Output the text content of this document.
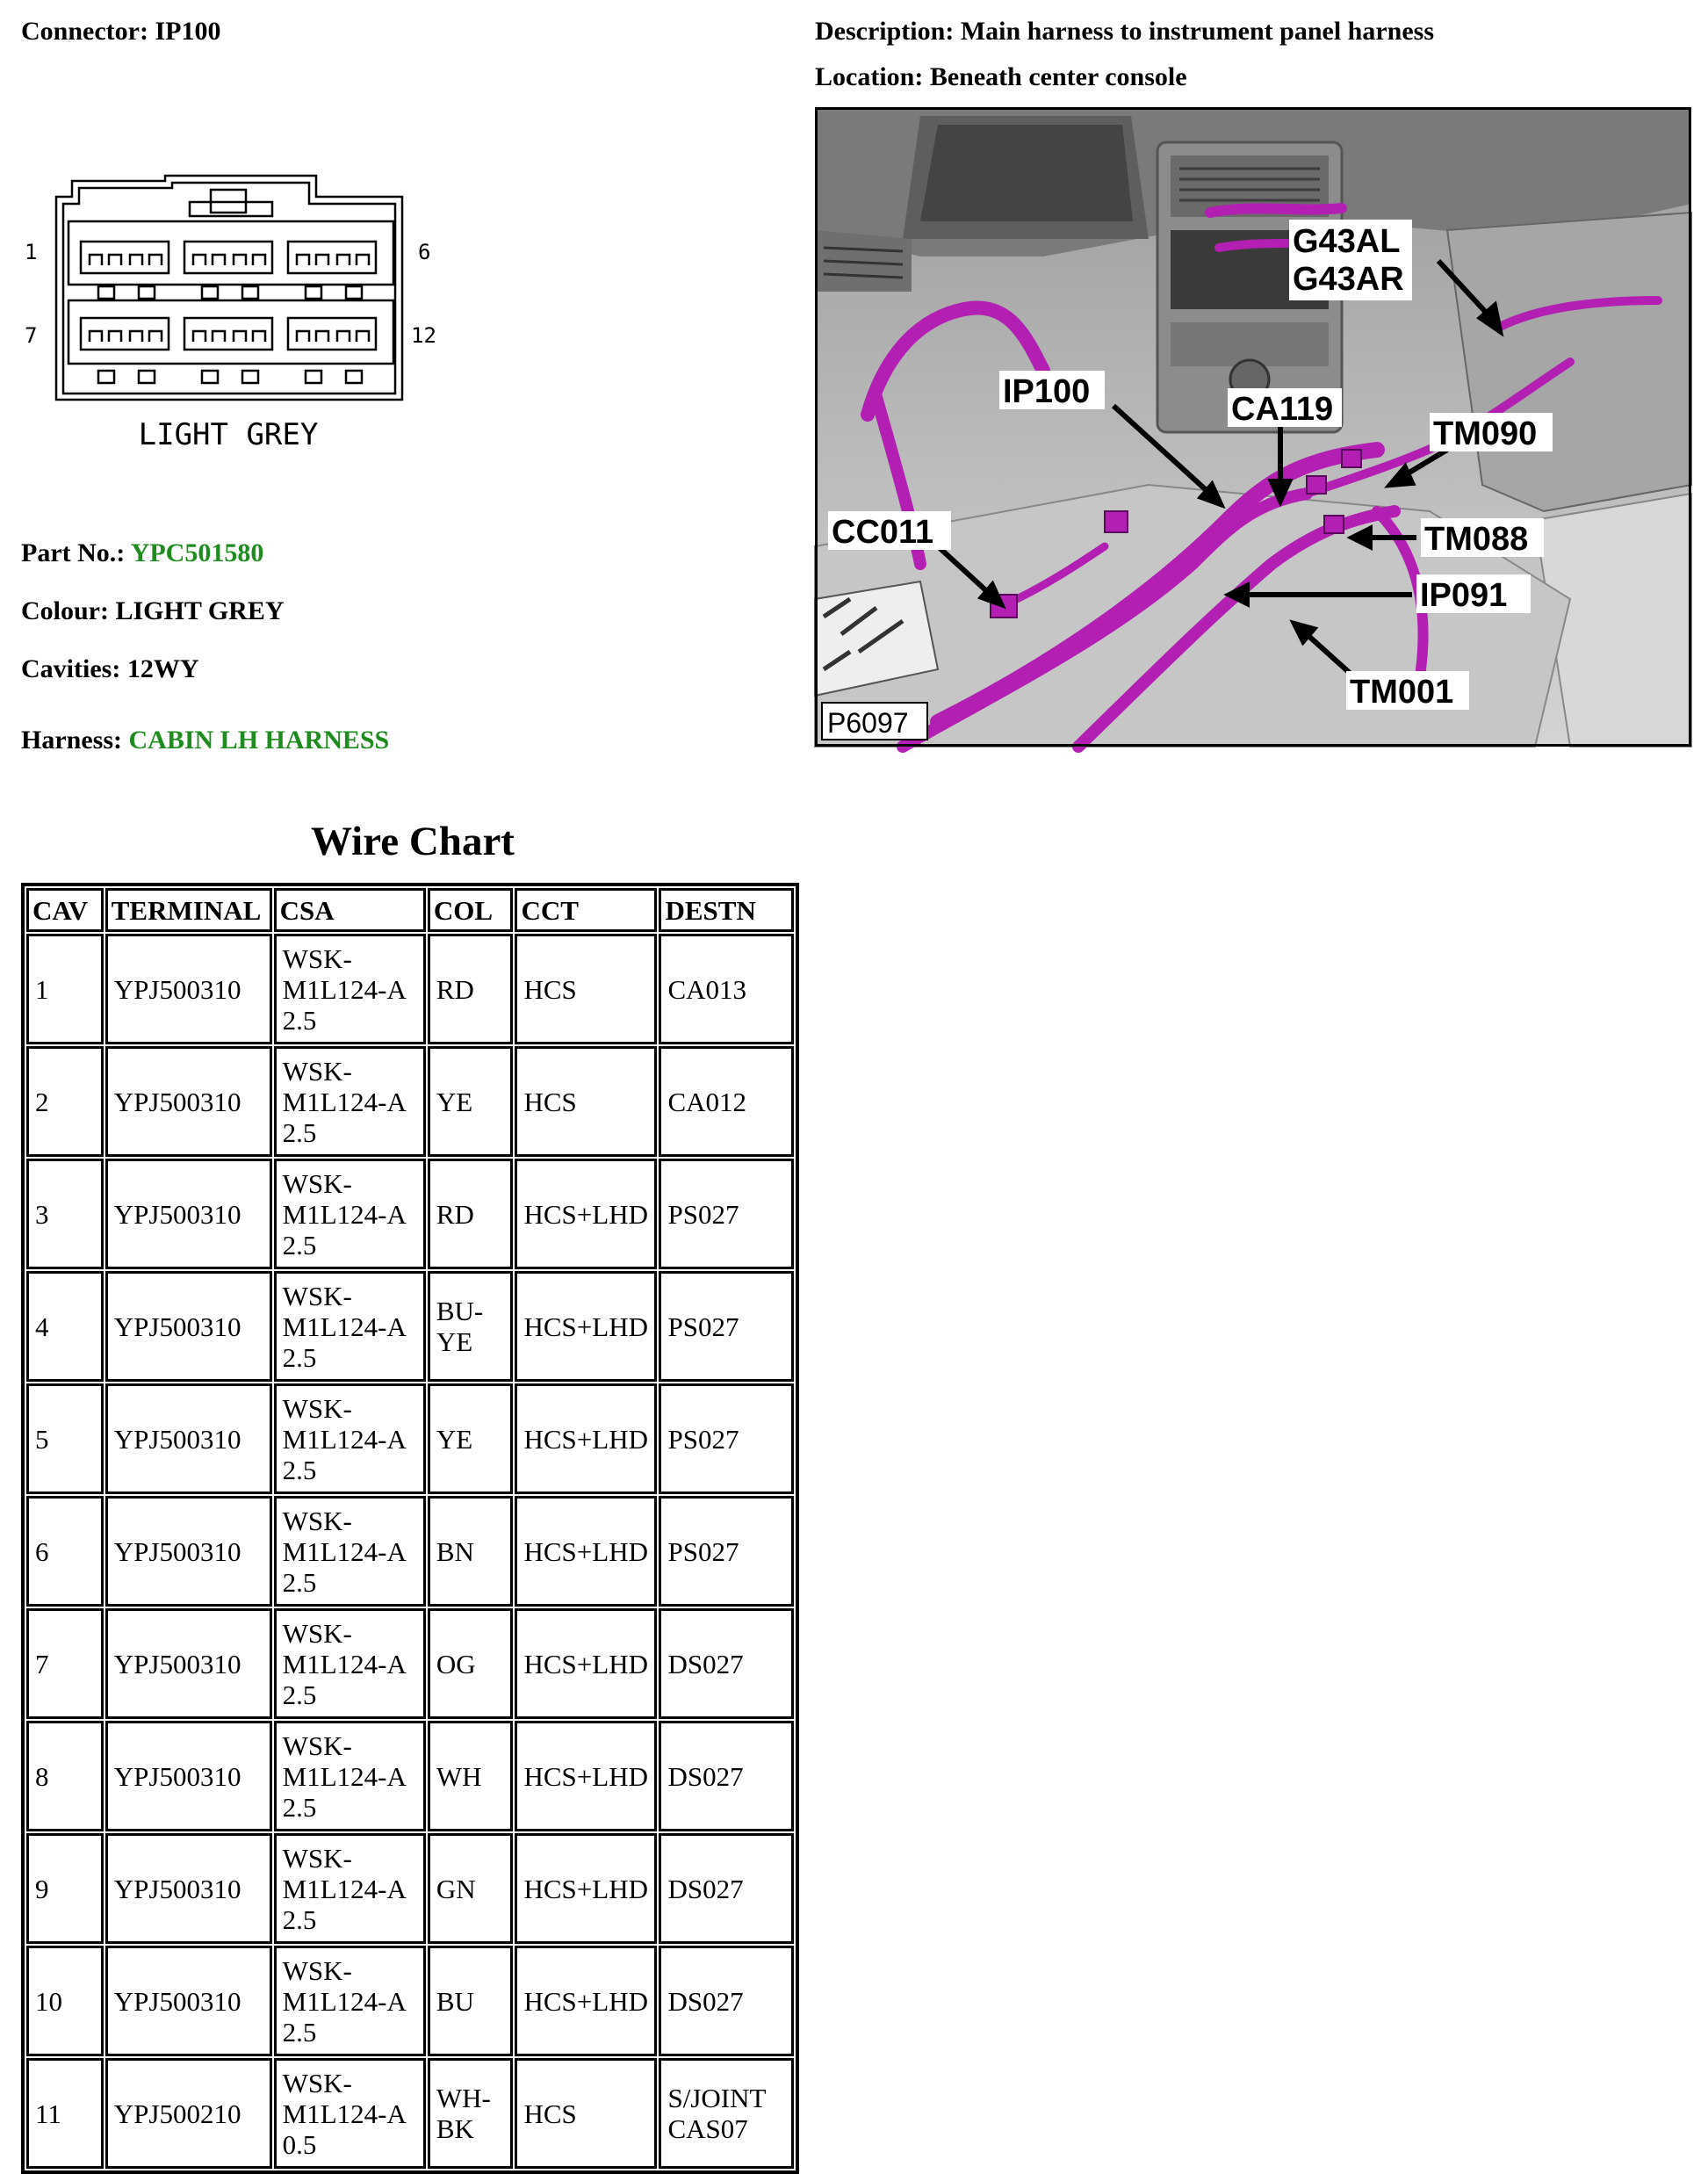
Connector: IP100	Description: Main harness to instrument panel harness
Location: Beneath center console
1	6
7	12
LIGHT GREY
Part No.: YPC501580
Colour: LIGHT GREY
Cavities: 12WY
Harness: CABIN LH HARNESS
G43AL
G43AR
IP100	CA119
TM090
CC011	TM088
IP091
TM001
P6097
Wire Chart
CAV	TERMINAL	CSA	COL	CCT	DESTN
1	YPJ500310	WSK-
M1L124-A
2.5	RD	HCS	CA013
2	YPJ500310	WSK-
M1L124-A
2.5	YE	HCS	CA012
3	YPJ500310	WSK-
M1L124-A
2.5	RD	HCS+LHD	PS027
4	YPJ500310	WSK-
M1L124-A
2.5	BU-
YE	HCS+LHD	PS027
5	YPJ500310	WSK-
M1L124-A
2.5	YE	HCS+LHD	PS027
6	YPJ500310	WSK-
M1L124-A
2.5	BN	HCS+LHD	PS027
7	YPJ500310	WSK-
M1L124-A
2.5	OG	HCS+LHD	DS027
8	YPJ500310	WSK-
M1L124-A
2.5	WH	HCS+LHD	DS027
9	YPJ500310	WSK-
M1L124-A
2.5	GN	HCS+LHD	DS027
10	YPJ500310	WSK-
M1L124-A
2.5	BU	HCS+LHD	DS027
11	YPJ500210	WSK-
M1L124-A
0.5	WH-
BK	HCS	S/JOINT
CAS07
